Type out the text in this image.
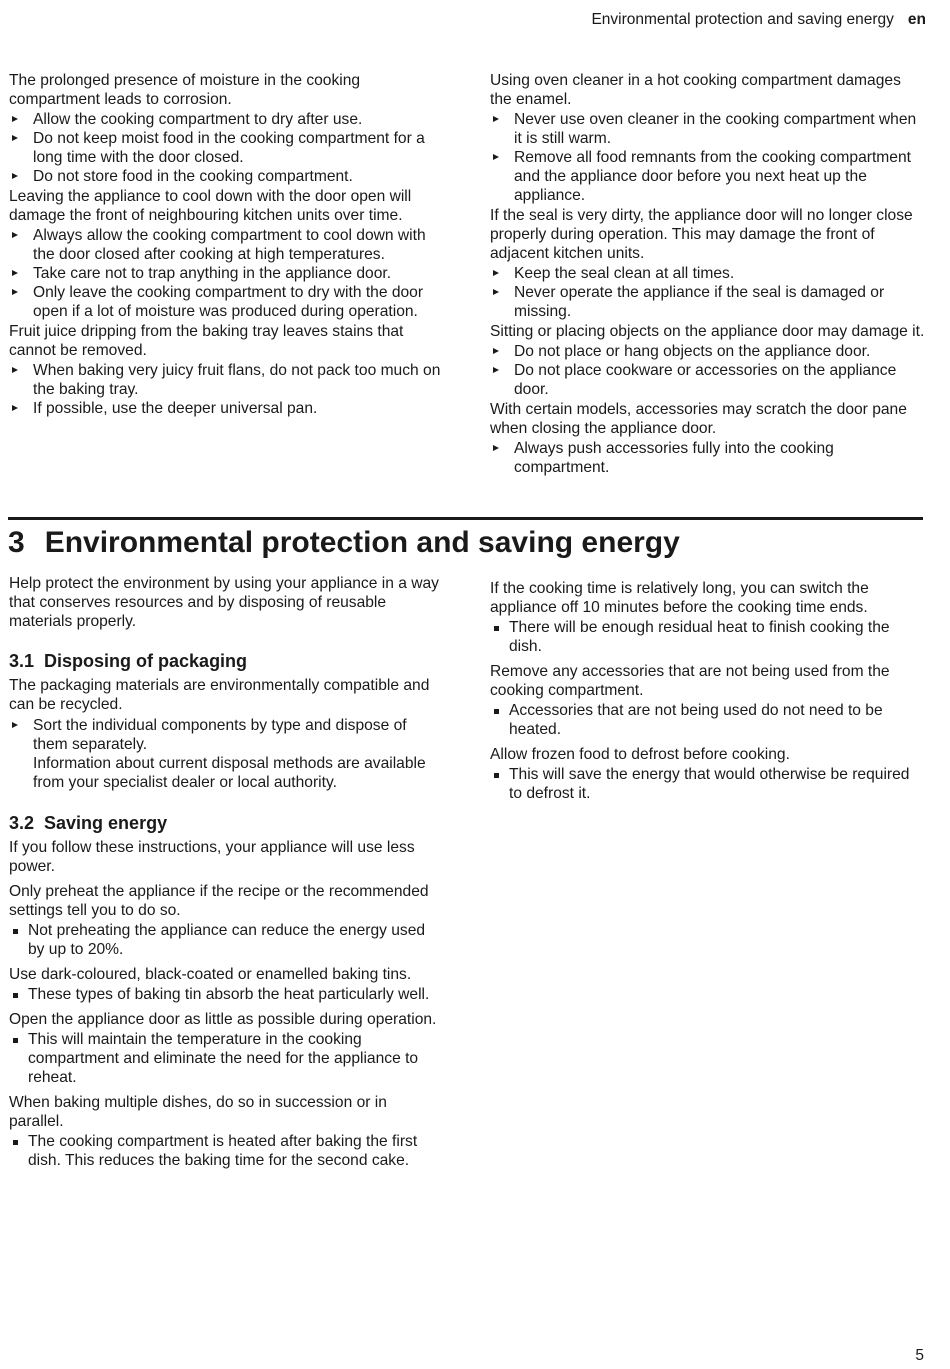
Environmental protection and saving energy en

The prolonged presence of moisture in the cooking compartment leads to corrosion.

Allow the cooking compartment to dry after use.
Do not keep moist food in the cooking compartment for a long time with the door closed.
Do not store food in the cooking compartment.

Leaving the appliance to cool down with the door open will damage the front of neighbouring kitchen units over time.

Always allow the cooking compartment to cool down with the door closed after cooking at high temperatures.
Take care not to trap anything in the appliance door.
Only leave the cooking compartment to dry with the door open if a lot of moisture was produced during operation.

Fruit juice dripping from the baking tray leaves stains that cannot be removed.

When baking very juicy fruit flans, do not pack too much on the baking tray.
If possible, use the deeper universal pan.

Using oven cleaner in a hot cooking compartment damages the enamel.

Never use oven cleaner in the cooking compartment when it is still warm.
Remove all food remnants from the cooking compartment and the appliance door before you next heat up the appliance.

If the seal is very dirty, the appliance door will no longer close properly during operation. This may damage the front of adjacent kitchen units.

Keep the seal clean at all times.
Never operate the appliance if the seal is damaged or missing.

Sitting or placing objects on the appliance door may damage it.

Do not place or hang objects on the appliance door.
Do not place cookware or accessories on the appliance door.

With certain models, accessories may scratch the door pane when closing the appliance door.

Always push accessories fully into the cooking compartment.
3 Environmental protection and saving energy

Help protect the environment by using your appliance in a way that conserves resources and by disposing of reusable materials properly.

3.1 Disposing of packaging

The packaging materials are environmentally compatible and can be recycled.

Sort the individual components by type and dispose of them separately.
Information about current disposal methods are available from your specialist dealer or local authority.
3.2 Saving energy

If you follow these instructions, your appliance will use less power.

Only preheat the appliance if the recipe or the recommended settings tell you to do so.

Not preheating the appliance can reduce the energy used by up to 20%.

Use dark-coloured, black-coated or enamelled baking tins.

These types of baking tin absorb the heat particularly well.

Open the appliance door as little as possible during operation.

This will maintain the temperature in the cooking compartment and eliminate the need for the appliance to reheat.

When baking multiple dishes, do so in succession or in parallel.

The cooking compartment is heated after baking the first dish. This reduces the baking time for the second cake.

If the cooking time is relatively long, you can switch the appliance off 10 minutes before the cooking time ends.

There will be enough residual heat to finish cooking the dish.

Remove any accessories that are not being used from the cooking compartment.

Accessories that are not being used do not need to be heated.

Allow frozen food to defrost before cooking.

This will save the energy that would otherwise be required to defrost it.
5
